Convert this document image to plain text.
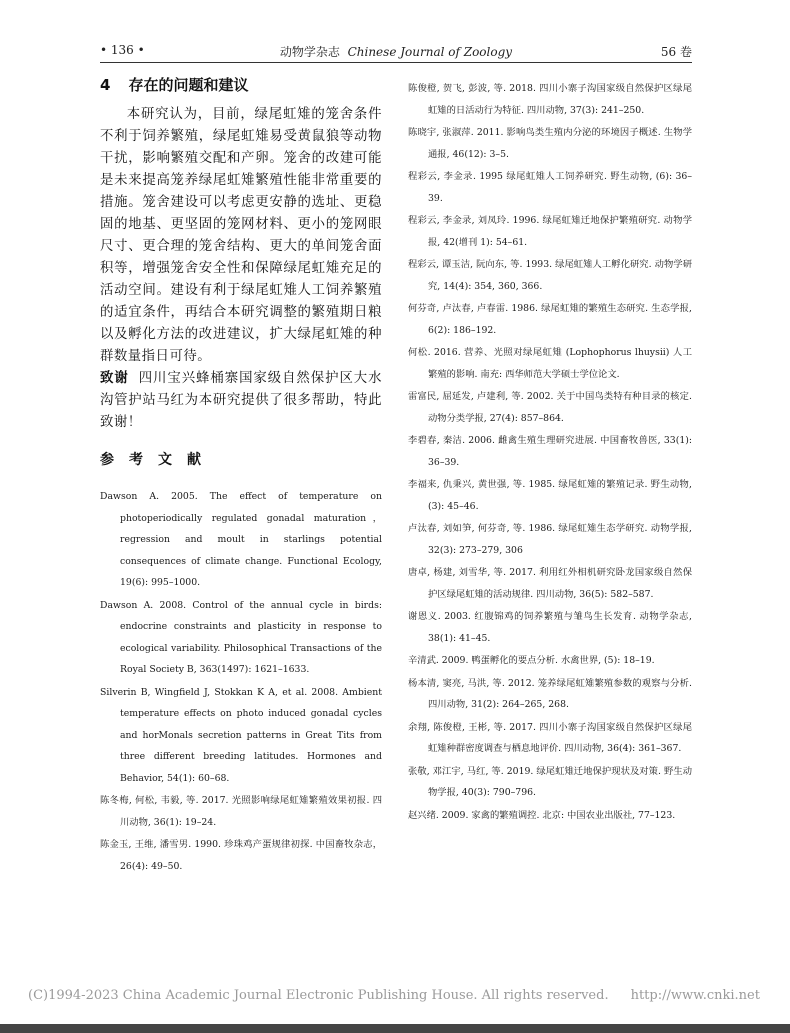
• 136 •	动物学杂志 Chinese Journal of Zoology	56 卷
4 存在的问题和建议

本研究认为，目前，绿尾虹雉的笼舍条件不利于饲养繁殖，绿尾虹雉易受黄鼠狼等动物干扰，影响繁殖交配和产卵。笼舍的改建可能是未来提高笼养绿尾虹雉繁殖性能非常重要的措施。笼舍建设可以考虑更安静的选址、更稳固的地基、更坚固的笼网材料、更小的笼网眼尺寸、更合理的笼舍结构、更大的单间笼舍面积等，增强笼舍安全性和保障绿尾虹雉充足的活动空间。建设有利于绿尾虹雉人工饲养繁殖的适宜条件，再结合本研究调整的繁殖期日粮以及孵化方法的改进建议，扩大绿尾虹雉的种群数量指日可待。

致谢 四川宝兴蜂桶寨国家级自然保护区大水沟管护站马红为本研究提供了很多帮助，特此致谢！

参考文献

Dawson A. 2005. The effect of temperature on photoperiodically regulated gonadal maturation，regression and moult in starlings potential consequences of climate change. Functional Ecology, 19(6): 995–1000.

Dawson A. 2008. Control of the annual cycle in birds: endocrine constraints and plasticity in response to ecological variability. Philosophical Transactions of the Royal Society B, 363(1497): 1621–1633.

Silverin B, Wingfield J, Stokkan K A, et al. 2008. Ambient temperature effects on photo induced gonadal cycles and horMonals secretion patterns in Great Tits from three different breeding latitudes. Hormones and Behavior, 54(1): 60–68.

陈冬梅, 何松, 韦毅, 等. 2017. 光照影响绿尾虹雉繁殖效果初报. 四川动物, 36(1): 19–24.

陈金玉, 王维, 潘雪男. 1990. 珍珠鸡产蛋规律初探. 中国畜牧杂志，26(4): 49–50.

陈俊橙, 贺飞, 彭波, 等. 2018. 四川小寨子沟国家级自然保护区绿尾虹雉的日活动行为特征. 四川动物, 37(3): 241–250.

陈晓宇, 张淑萍. 2011. 影响鸟类生殖内分泌的环境因子概述. 生物学通报, 46(12): 3–5.

程彩云, 李金录. 1995 绿尾虹雉人工饲养研究. 野生动物, (6): 36–39.

程彩云, 李金录, 刘凤玲. 1996. 绿尾虹雉迁地保护繁殖研究. 动物学报, 42(增刊 1): 54–61.

程彩云, 谭玉洁, 阮向东, 等. 1993. 绿尾虹雉人工孵化研究. 动物学研究, 14(4): 354, 360, 366.

何芬奇, 卢汰春, 卢春雷. 1986. 绿尾虹雉的繁殖生态研究. 生态学报, 6(2): 186–192.

何松. 2016. 营养、光照对绿尾虹雉 (Lophophorus lhuysii) 人工繁殖的影响. 南充: 西华师范大学硕士学位论文.

雷富民, 屈延发, 卢建利, 等. 2002. 关于中国鸟类特有种目录的核定. 动物分类学报, 27(4): 857–864.

李碧春, 秦洁. 2006. 雌禽生殖生理研究进展. 中国畜牧兽医, 33(1): 36–39.

李福来, 仇秉兴, 黄世强, 等. 1985. 绿尾虹雉的繁殖记录. 野生动物, (3): 45–46.

卢汰春, 刘如笋, 何芬奇, 等. 1986. 绿尾虹雉生态学研究. 动物学报, 32(3): 273–279, 306

唐卓, 杨建, 刘雪华, 等. 2017. 利用红外相机研究卧龙国家级自然保护区绿尾虹雉的活动规律. 四川动物, 36(5): 582–587.

谢恩义. 2003. 红腹锦鸡的饲养繁殖与雏鸟生长发育. 动物学杂志, 38(1): 41–45.

辛清武. 2009. 鸭蛋孵化的要点分析. 水禽世界, (5): 18–19.

杨本清, 窦亮, 马洪, 等. 2012. 笼养绿尾虹雉繁殖参数的观察与分析. 四川动物, 31(2): 264–265, 268.

余翔, 陈俊橙, 王彬, 等. 2017. 四川小寨子沟国家级自然保护区绿尾虹雉种群密度调查与栖息地评价. 四川动物, 36(4): 361–367.

张敬, 邓江宇, 马红, 等. 2019. 绿尾虹雉迁地保护现状及对策. 野生动物学报, 40(3): 790–796.

赵兴绪. 2009. 家禽的繁殖调控. 北京: 中国农业出版社, 77–123.

(C)1994-2023 China Academic Journal Electronic Publishing House. All rights reserved. http://www.cnki.net
